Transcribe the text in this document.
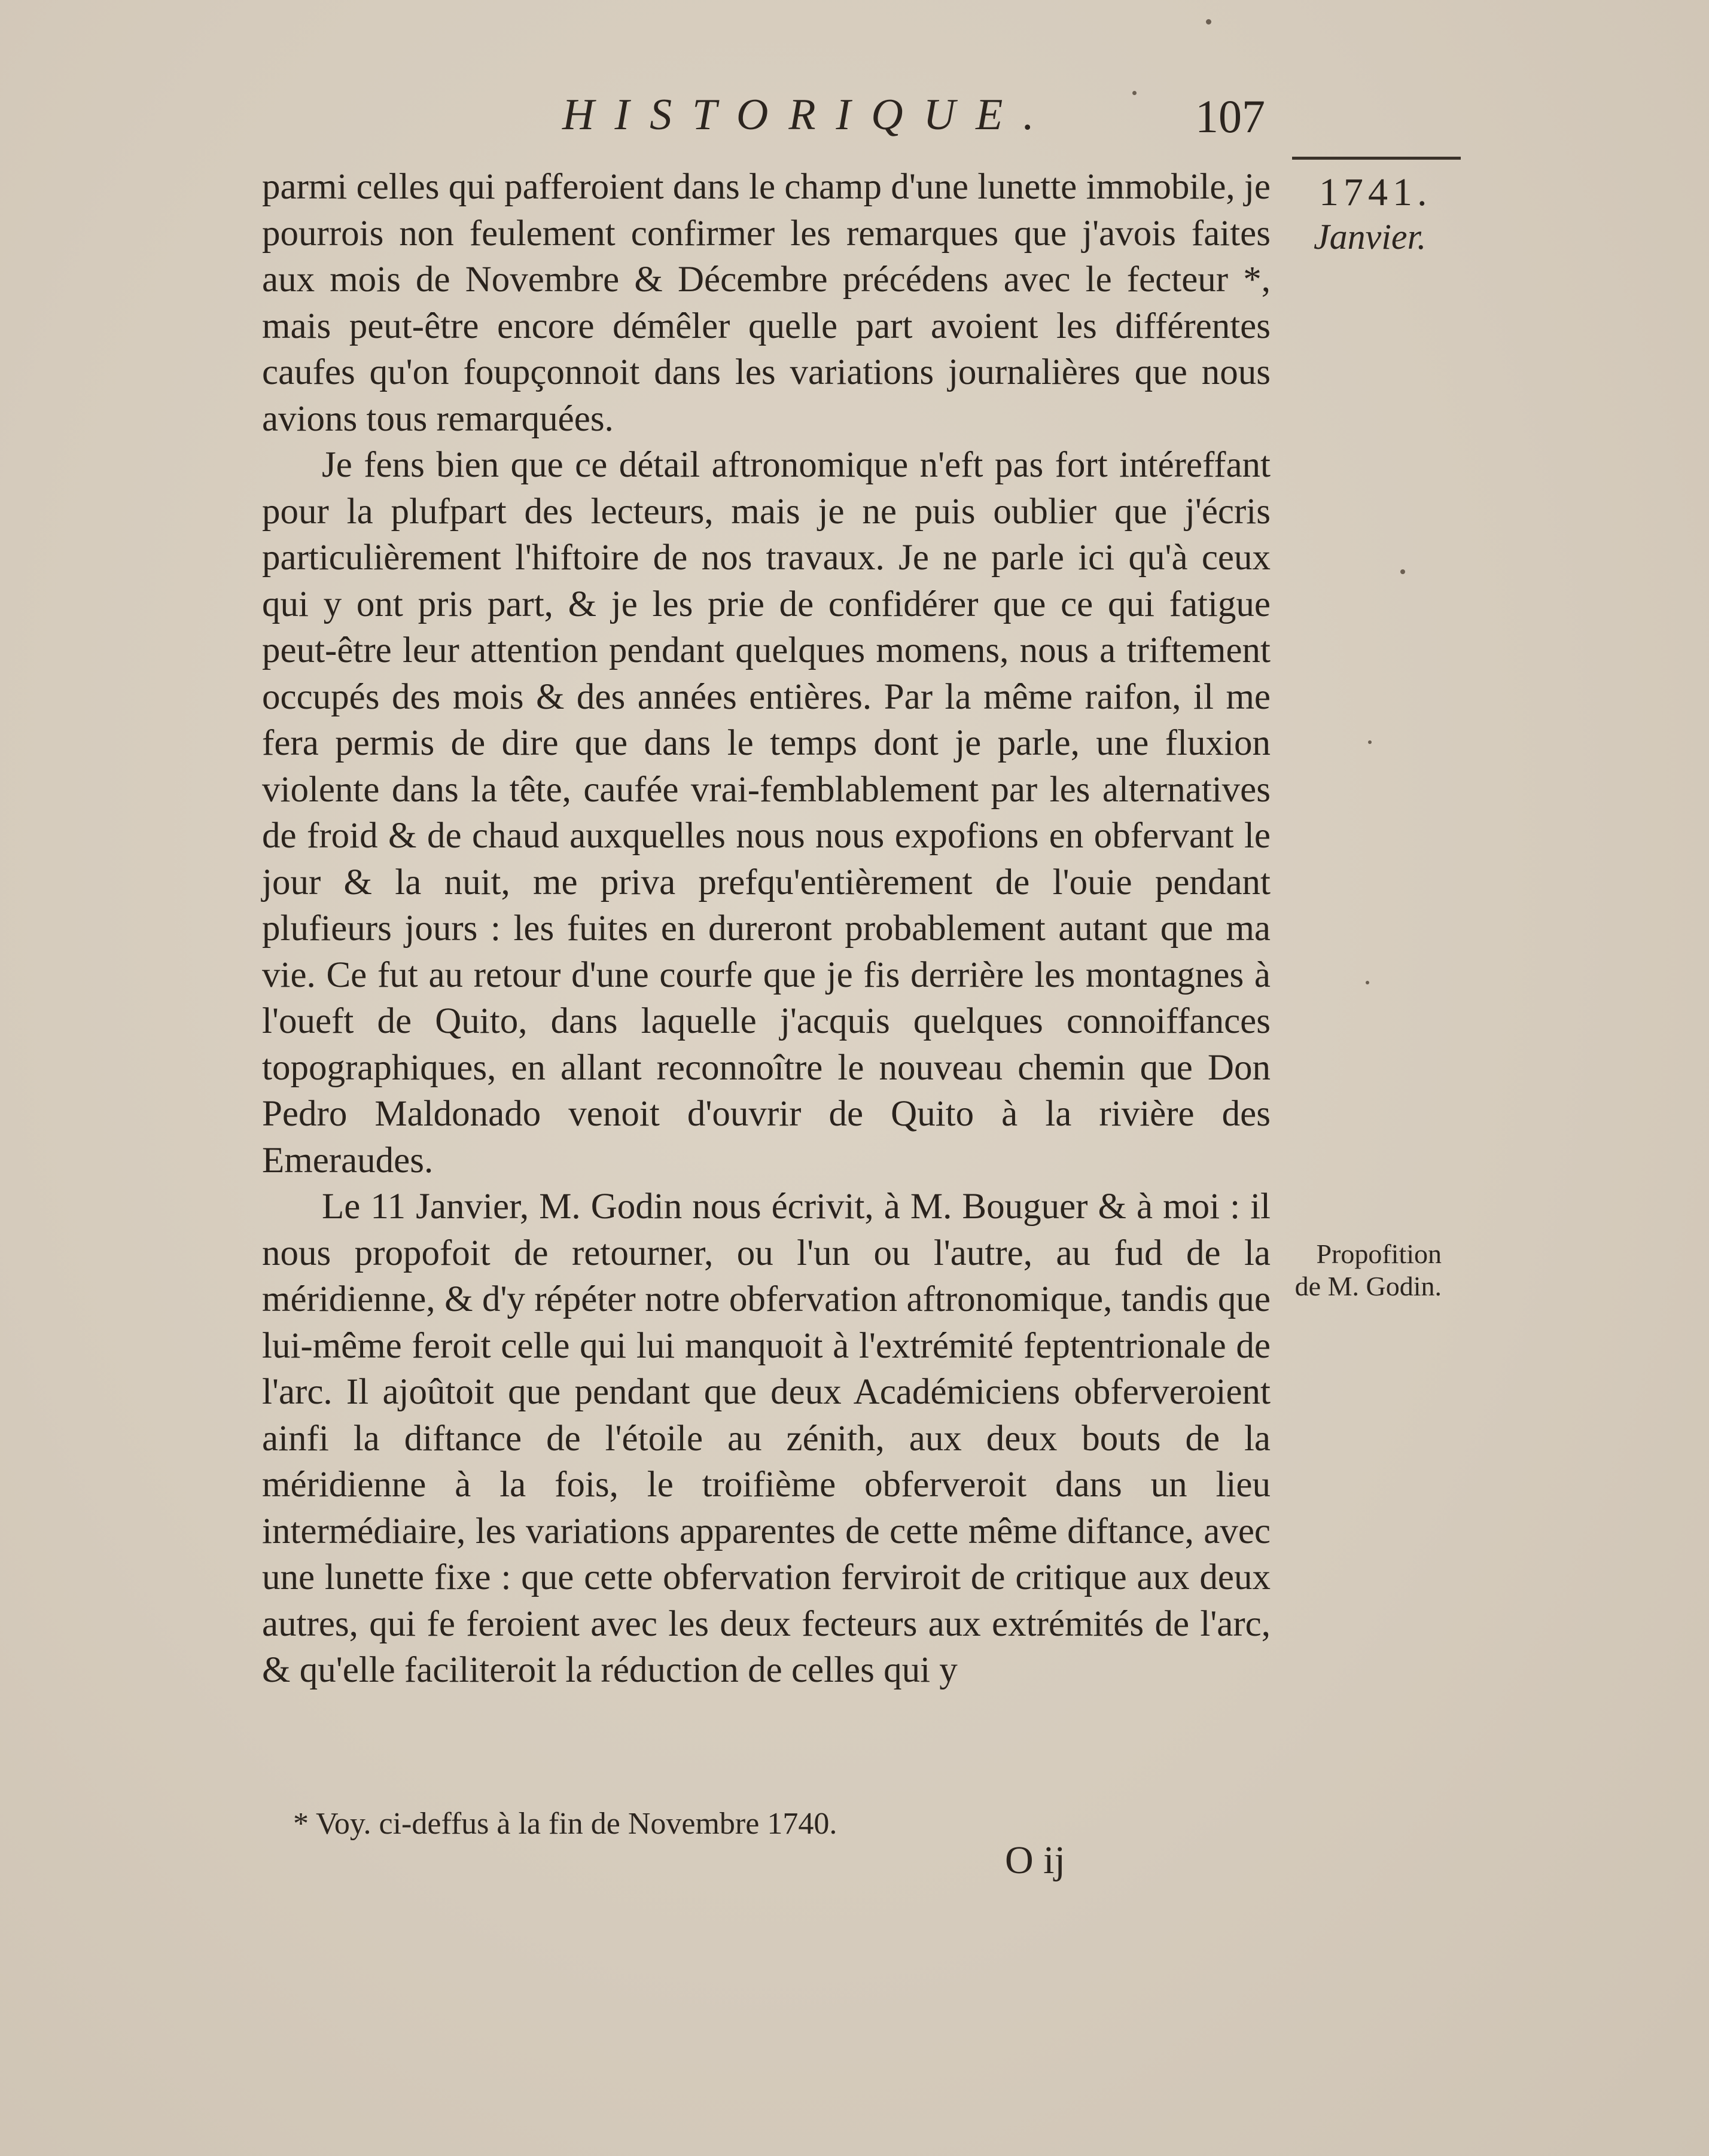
HISTORIQUE.	107
1741.
Janvier.
Propofition
de M. Godin.

parmi celles qui pafferoient dans le champ d'une lunette immobile, je pourrois non feulement confirmer les remarques que j'avois faites aux mois de Novembre & Décembre précédens avec le fecteur *, mais peut-être encore démêler quelle part avoient les différentes caufes qu'on foupçonnoit dans les variations journalières que nous avions tous remarquées.

Je fens bien que ce détail aftronomique n'eft pas fort intéreffant pour la plufpart des lecteurs, mais je ne puis oublier que j'écris particulièrement l'hiftoire de nos travaux. Je ne parle ici qu'à ceux qui y ont pris part, & je les prie de confidérer que ce qui fatigue peut-être leur attention pendant quelques momens, nous a triftement occupés des mois & des années entières. Par la même raifon, il me fera permis de dire que dans le temps dont je parle, une fluxion violente dans la tête, caufée vrai-femblablement par les alternatives de froid & de chaud auxquelles nous nous expofions en obfervant le jour & la nuit, me priva prefqu'entièrement de l'ouie pendant plufieurs jours : les fuites en dureront probablement autant que ma vie. Ce fut au retour d'une courfe que je fis derrière les montagnes à l'oueft de Quito, dans laquelle j'acquis quelques connoiffances topographiques, en allant reconnoître le nouveau chemin que Don Pedro Maldonado venoit d'ouvrir de Quito à la rivière des Emeraudes.

Le 11 Janvier, M. Godin nous écrivit, à M. Bouguer & à moi : il nous propofoit de retourner, ou l'un ou l'autre, au fud de la méridienne, & d'y répéter notre obfervation aftronomique, tandis que lui-même feroit celle qui lui manquoit à l'extrémité feptentrionale de l'arc. Il ajoûtoit que pendant que deux Académiciens obferveroient ainfi la diftance de l'étoile au zénith, aux deux bouts de la méridienne à la fois, le troifième obferveroit dans un lieu intermédiaire, les variations apparentes de cette même diftance, avec une lunette fixe : que cette obfervation ferviroit de critique aux deux autres, qui fe feroient avec les deux fecteurs aux extrémités de l'arc, & qu'elle faciliteroit la réduction de celles qui y

* Voy. ci-deffus à la fin de Novembre 1740.
O ij
